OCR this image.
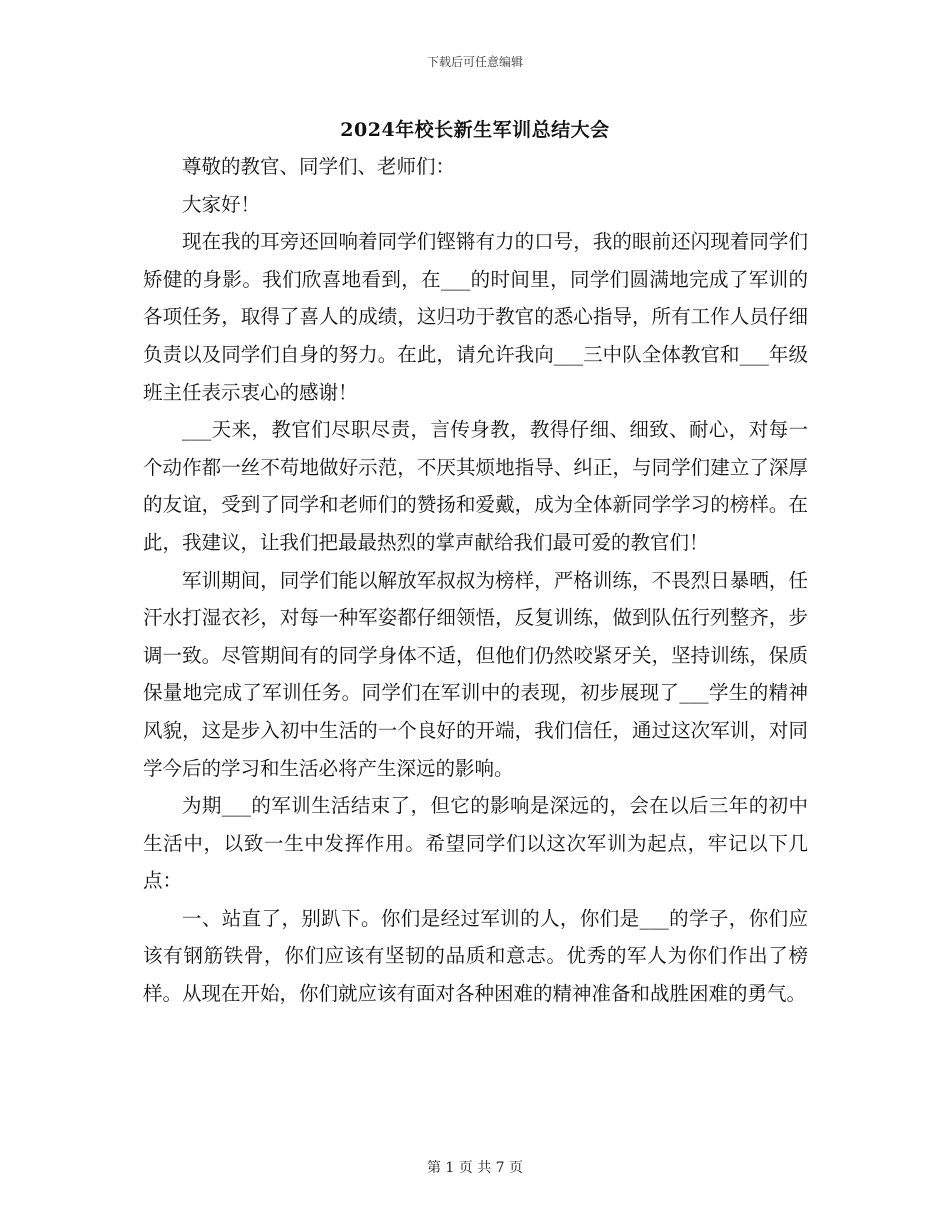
下载后可任意编辑
2024年校长新生军训总结大会

尊敬的教官、同学们、老师们：

大家好！

现在我的耳旁还回响着同学们铿锵有力的口号，我的眼前还闪现着同学们矫健的身影。我们欣喜地看到，在___的时间里，同学们圆满地完成了军训的各项任务，取得了喜人的成绩，这归功于教官的悉心指导，所有工作人员仔细负责以及同学们自身的努力。在此，请允许我向___三中队全体教官和___年级班主任表示衷心的感谢！

___天来，教官们尽职尽责，言传身教，教得仔细、细致、耐心，对每一个动作都一丝不苟地做好示范，不厌其烦地指导、纠正，与同学们建立了深厚的友谊，受到了同学和老师们的赞扬和爱戴，成为全体新同学学习的榜样。在此，我建议，让我们把最最热烈的掌声献给我们最可爱的教官们！

军训期间，同学们能以解放军叔叔为榜样，严格训练，不畏烈日暴晒，任汗水打湿衣衫，对每一种军姿都仔细领悟，反复训练，做到队伍行列整齐，步调一致。尽管期间有的同学身体不适，但他们仍然咬紧牙关，坚持训练，保质保量地完成了军训任务。同学们在军训中的表现，初步展现了___学生的精神风貌，这是步入初中生活的一个良好的开端，我们信任，通过这次军训，对同学今后的学习和生活必将产生深远的影响。

为期___的军训生活结束了，但它的影响是深远的，会在以后三年的初中生活中，以致一生中发挥作用。希望同学们以这次军训为起点，牢记以下几点：

一、站直了，别趴下。你们是经过军训的人，你们是___的学子，你们应该有钢筋铁骨，你们应该有坚韧的品质和意志。优秀的军人为你们作出了榜样。从现在开始，你们就应该有面对各种困难的精神准备和战胜困难的勇气。

第 1 页 共 7 页
